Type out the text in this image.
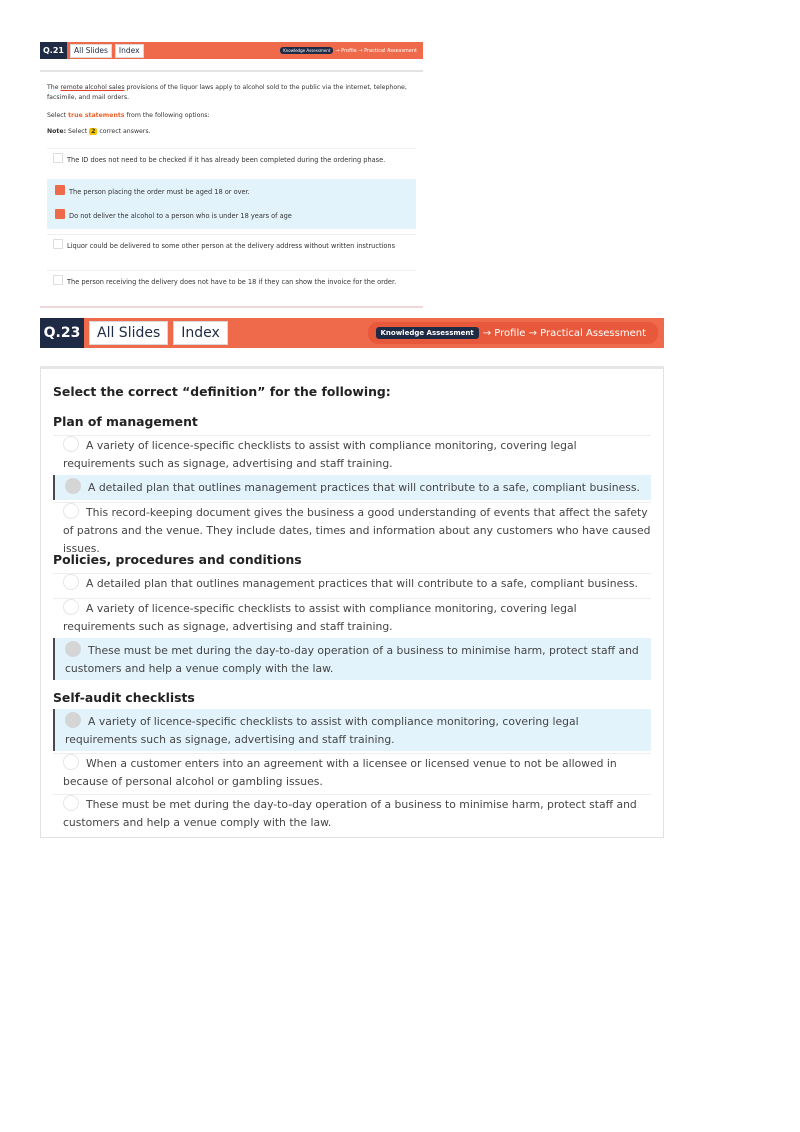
Q.21	All Slides	Index	Knowledge Assessment	→ Profile → Practical Assessment
The remote alcohol sales provisions of the liquor laws apply to alcohol sold to the public via the internet, telephone, facsimile, and mail orders.
Select true statements from the following options:
Note: Select 2 correct answers.
The ID does not need to be checked if it has already been completed during the ordering phase.
The person placing the order must be aged 18 or over.
Do not deliver the alcohol to a person who is under 18 years of age
Liquor could be delivered to some other person at the delivery address without written instructions
The person receiving the delivery does not have to be 18 if they can show the invoice for the order.
Q.23	All Slides	Index	Knowledge Assessment → Profile → Practical Assessment
Select the correct “definition” for the following:
Plan of management
A variety of licence-specific checklists to assist with compliance monitoring, covering legal requirements such as signage, advertising and staff training.
A detailed plan that outlines management practices that will contribute to a safe, compliant business.
This record-keeping document gives the business a good understanding of events that affect the safety of patrons and the venue. They include dates, times and information about any customers who have caused issues.
Policies, procedures and conditions
A detailed plan that outlines management practices that will contribute to a safe, compliant business.
A variety of licence-specific checklists to assist with compliance monitoring, covering legal requirements such as signage, advertising and staff training.
These must be met during the day-to-day operation of a business to minimise harm, protect staff and customers and help a venue comply with the law.
Self-audit checklists
A variety of licence-specific checklists to assist with compliance monitoring, covering legal requirements such as signage, advertising and staff training.
When a customer enters into an agreement with a licensee or licensed venue to not be allowed in because of personal alcohol or gambling issues.
These must be met during the day-to-day operation of a business to minimise harm, protect staff and customers and help a venue comply with the law.
